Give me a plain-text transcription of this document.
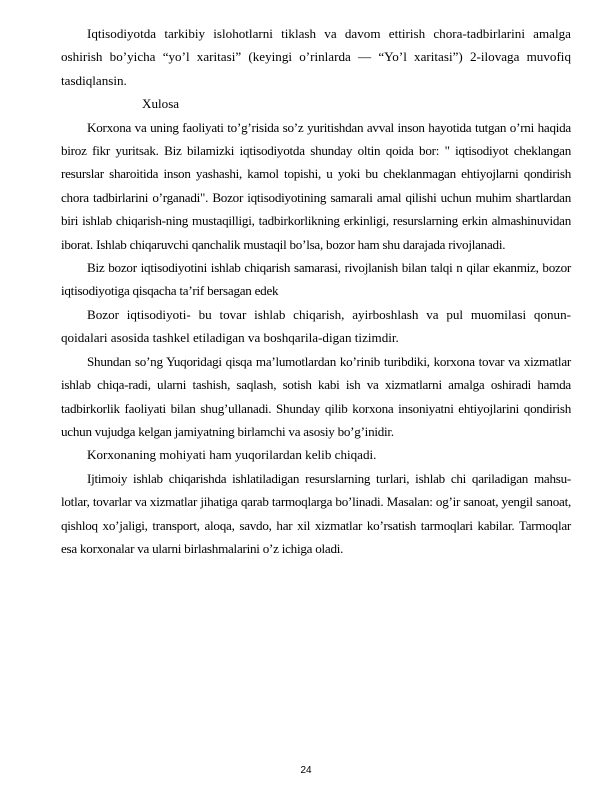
Iqtisodiyotda tarkibiy islohotlarni tiklash va davom ettirish chora-tadbirlarini amalga oshirish bo’yicha “yo’l xaritasi” (keyingi o’rinlarda — “Yo’l xaritasi”) 2-ilovaga muvofiq tasdiqlansin.

Xulosa

Korxona va uning faoliyati to’g’risida so’z yuritishdan avval inson hayotida tutgan o’rni haqida biroz fikr yuritsak. Biz bilamizki iqtisodiyotda shunday oltin qoida bor: " iqtisodiyot cheklangan resurslar sharoitida inson yashashi, kamol topishi, u yoki bu cheklanmagan ehtiyojlarni qondirish chora tadbirlarini o’rganadi". Bozor iqtisodiyotining samarali amal qilishi uchun muhim shartlardan biri ishlab chiqarish-ning mustaqilligi, tadbirkorlikning erkinligi, resurslarning erkin almashinuvidan iborat. Ishlab chiqaruvchi qanchalik mustaqil bo’lsa, bozor ham shu darajada rivojlanadi.

Biz bozor iqtisodiyotini ishlab chiqarish samarasi, rivojlanish bilan talqi n qilar ekanmiz, bozor iqtisodiyotiga qisqacha ta’rif bersagan edek

Bozor iqtisodiyoti- bu tovar ishlab chiqarish, ayirboshlash va pul muomilasi qonun-qoidalari asosida tashkel etiladigan va boshqarila-digan tizimdir.

Shundan so’ng Yuqoridagi qisqa ma’lumotlardan ko’rinib turibdiki, korxona tovar va xizmatlar ishlab chiqa-radi, ularni tashish, saqlash, sotish kabi ish va xizmatlarni amalga oshiradi hamda tadbirkorlik faoliyati bilan shug’ullanadi. Shunday qilib korxona insoniyatni ehtiyojlarini qondirish uchun vujudga kelgan jamiyatning birlamchi va asosiy bo’g’inidir.

Korxonaning mohiyati ham yuqorilardan kelib chiqadi.

Ijtimoiy ishlab chiqarishda ishlatiladigan resurslarning turlari, ishlab chi qariladigan mahsu-lotlar, tovarlar va xizmatlar jihatiga qarab tarmoqlarga bo’linadi. Masalan: og’ir sanoat, yengil sanoat, qishloq xo’jaligi, transport, aloqa, savdo, har xil xizmatlar ko’rsatish tarmoqlari kabilar. Tarmoqlar esa korxonalar va ularni birlashmalarini o’z ichiga oladi.

24
